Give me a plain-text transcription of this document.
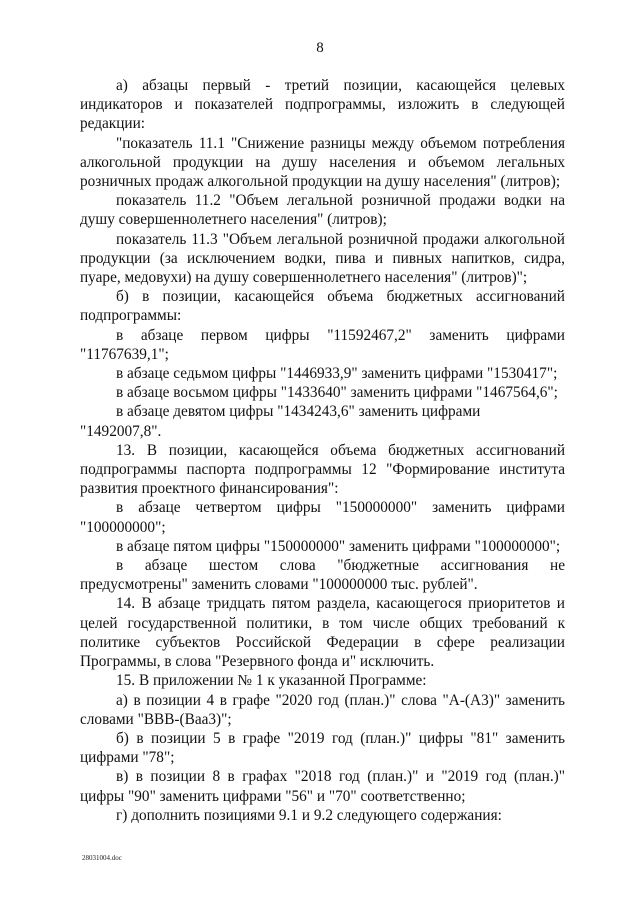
8

а) абзацы первый - третий позиции, касающейся целевых индикаторов и показателей подпрограммы, изложить в следующей редакции:

"показатель 11.1 "Снижение разницы между объемом потребления алкогольной продукции на душу населения и объемом легальных розничных продаж алкогольной продукции на душу населения" (литров);

показатель 11.2 "Объем легальной розничной продажи водки на душу совершеннолетнего населения" (литров);

показатель 11.3 "Объем легальной розничной продажи алкогольной продукции (за исключением водки, пива и пивных напитков, сидра, пуаре, медовухи) на душу совершеннолетнего населения" (литров)";

б) в позиции, касающейся объема бюджетных ассигнований подпрограммы:

в абзаце первом цифры "11592467,2" заменить цифрами "11767639,1";

в абзаце седьмом цифры "1446933,9" заменить цифрами "1530417";

в абзаце восьмом цифры "1433640" заменить цифрами "1467564,6";

в абзаце девятом цифры "1434243,6" заменить цифрами "1492007,8".

13. В позиции, касающейся объема бюджетных ассигнований подпрограммы паспорта подпрограммы 12 "Формирование института развития проектного финансирования":

в абзаце четвертом цифры "150000000" заменить цифрами "100000000";

в абзаце пятом цифры "150000000" заменить цифрами "100000000";

в абзаце шестом слова "бюджетные ассигнования не предусмотрены" заменить словами "100000000 тыс. рублей".

14. В абзаце тридцать пятом раздела, касающегося приоритетов и целей государственной политики, в том числе общих требований к политике субъектов Российской Федерации в сфере реализации Программы, в слова "Резервного фонда и" исключить.

15. В приложении № 1 к указанной Программе:

а) в позиции 4 в графе "2020 год (план.)" слова "А-(А3)" заменить словами "ВВВ-(Ваа3)";

б) в позиции 5 в графе "2019 год (план.)" цифры "81" заменить цифрами "78";

в) в позиции 8 в графах "2018 год (план.)" и "2019 год (план.)" цифры "90" заменить цифрами "56" и "70" соответственно;

г) дополнить позициями 9.1 и 9.2 следующего содержания:

28031004.doc
